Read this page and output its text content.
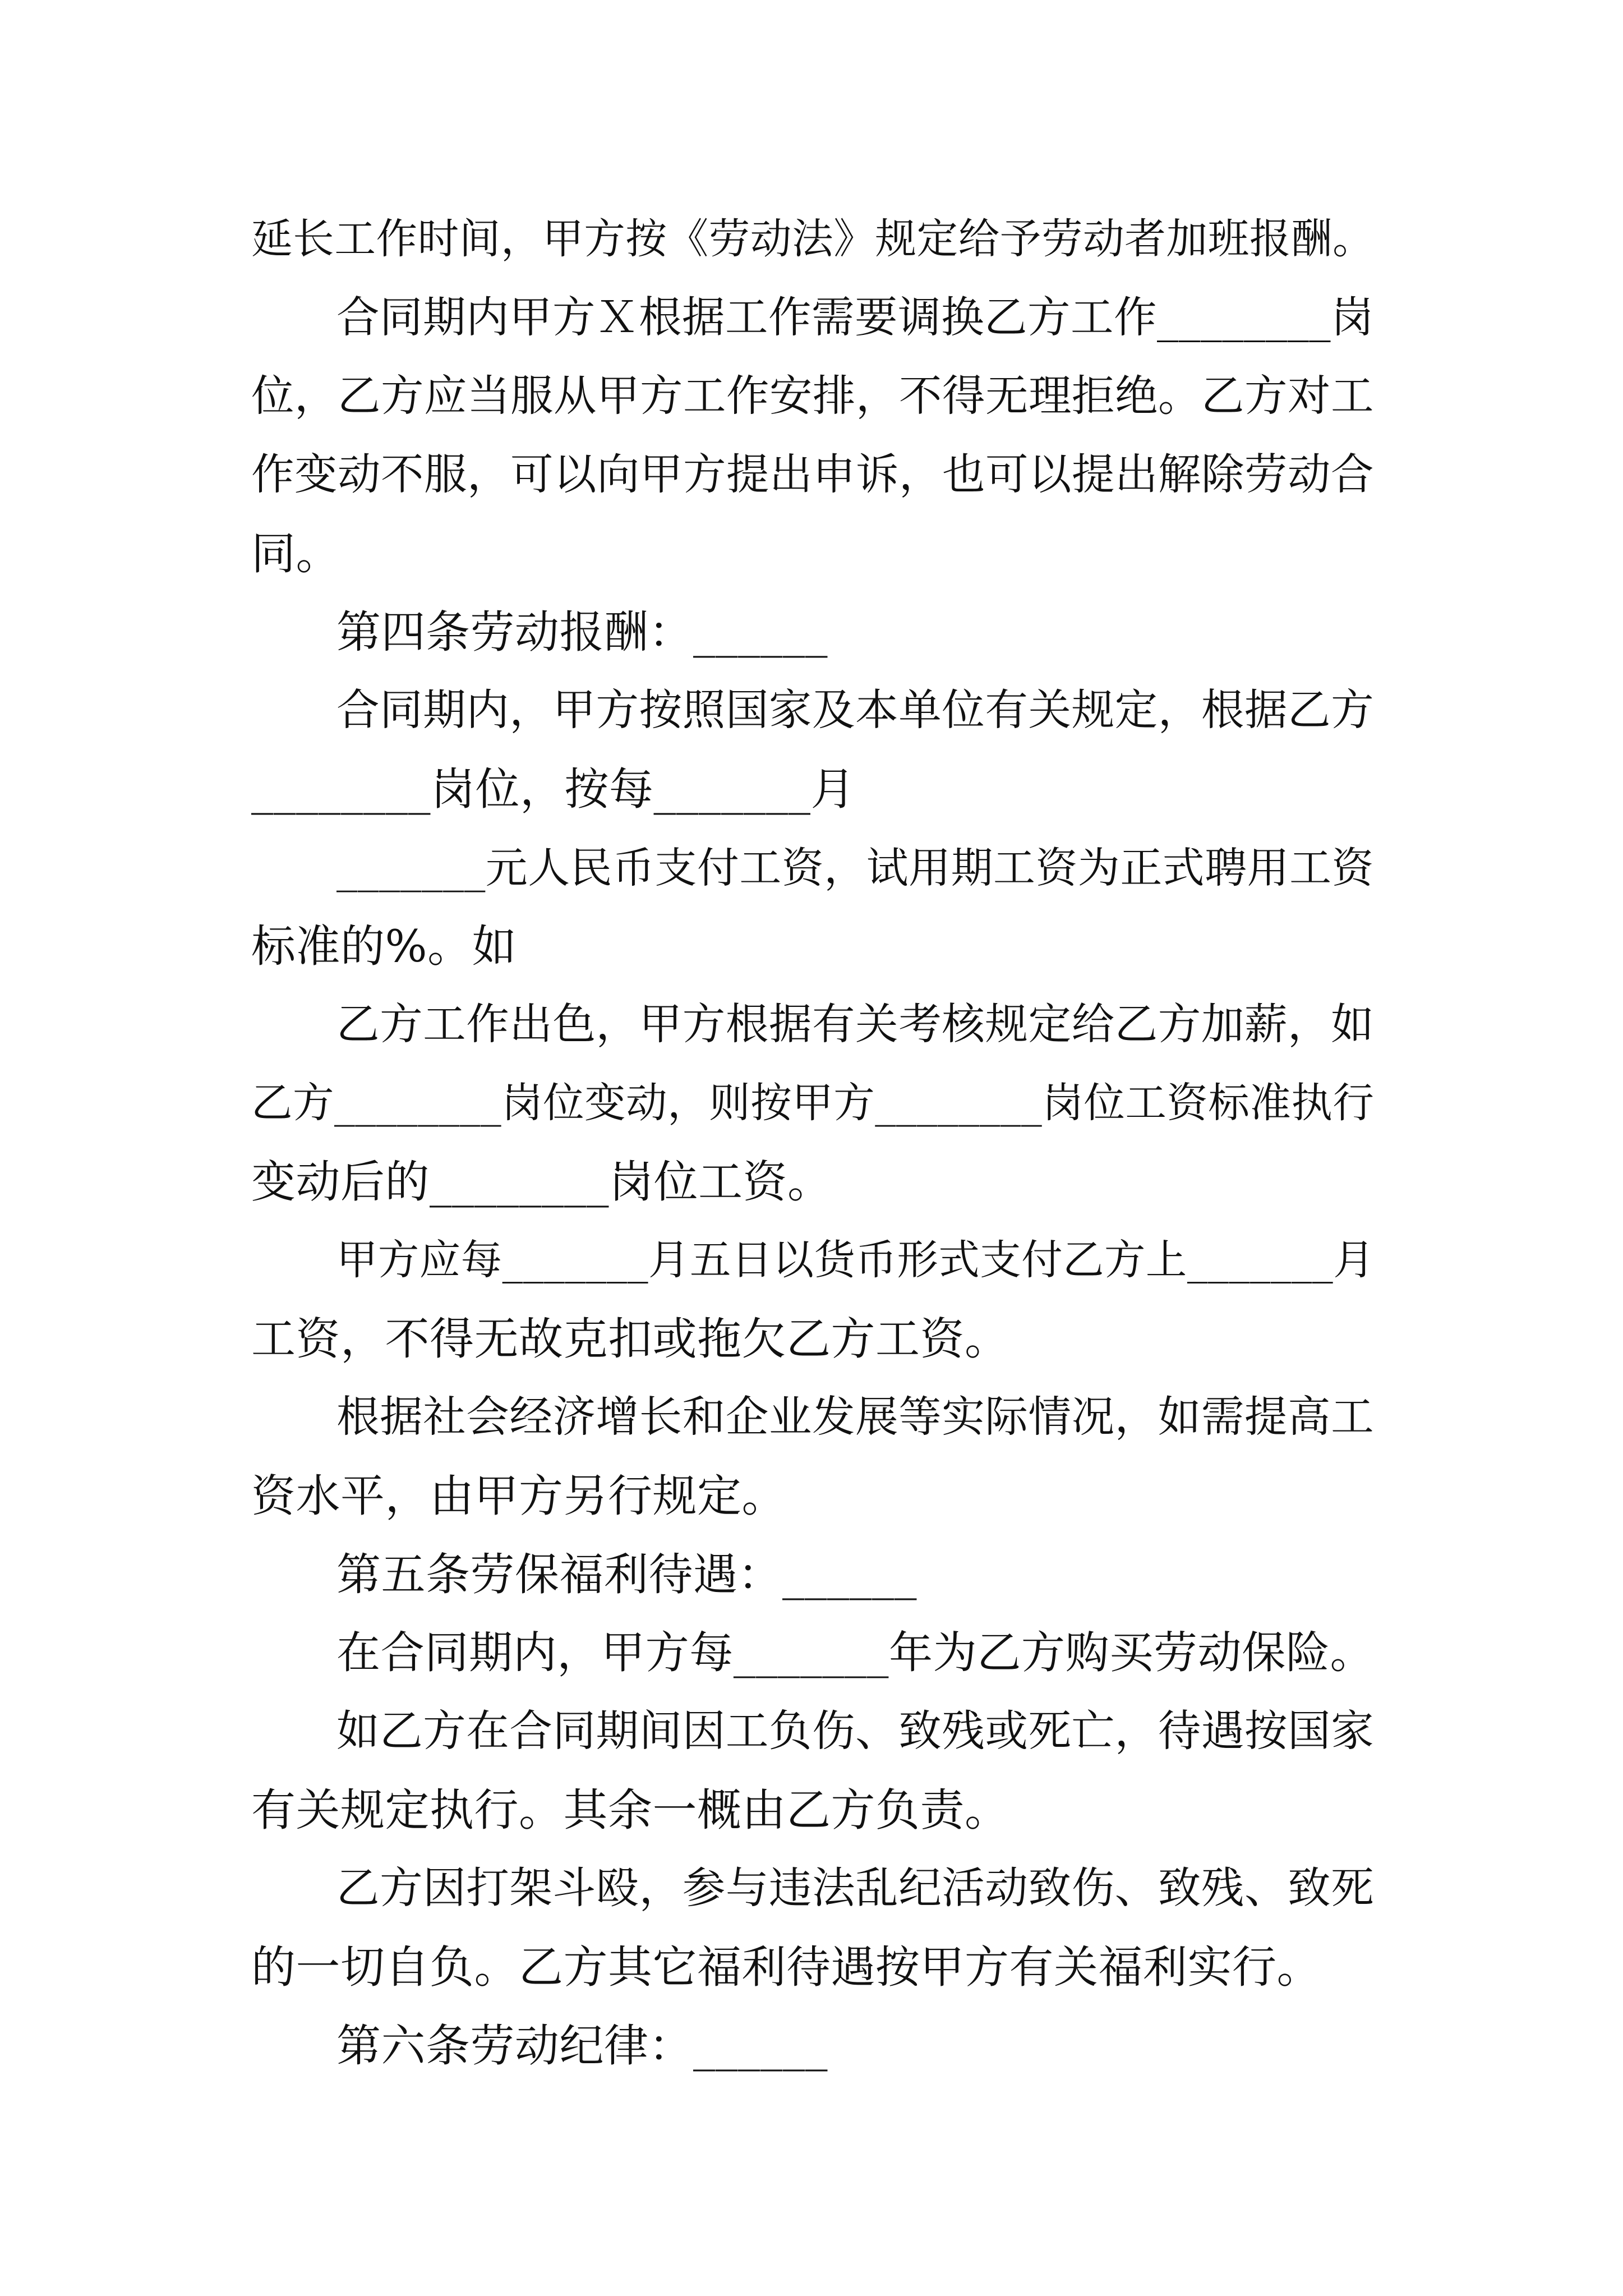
延长工作时间，甲方按《劳动法》规定给予劳动者加班报酬。
合同期内甲方Ｘ根据工作需要调换乙方工作________岗
位，乙方应当服从甲方工作安排，不得无理拒绝。乙方对工
作变动不服，可以向甲方提出申诉，也可以提出解除劳动合
同。
第四条劳动报酬：______
合同期内，甲方按照国家及本单位有关规定，根据乙方
________岗位，按每_______月
_______元人民币支付工资，试用期工资为正式聘用工资
标准的%。如
乙方工作出色，甲方根据有关考核规定给乙方加薪，如
乙方________岗位变动，则按甲方________岗位工资标准执行
变动后的________岗位工资。
甲方应每_______月五日以货币形式支付乙方上_______月
工资，不得无故克扣或拖欠乙方工资。
根据社会经济增长和企业发展等实际情况，如需提高工
资水平，由甲方另行规定。
第五条劳保福利待遇：______
在合同期内，甲方每_______年为乙方购买劳动保险。
如乙方在合同期间因工负伤、致残或死亡，待遇按国家
有关规定执行。其余一概由乙方负责。
乙方因打架斗殴，参与违法乱纪活动致伤、致残、致死
的一切自负。乙方其它福利待遇按甲方有关福利实行。
第六条劳动纪律：______
